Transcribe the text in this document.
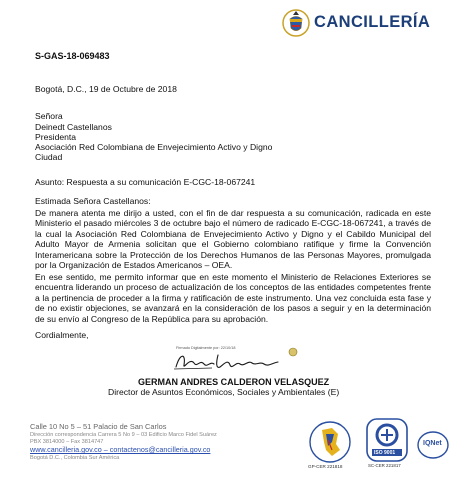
CANCILLERÍA
S-GAS-18-069483
Bogotá, D.C., 19 de Octubre de 2018
Señora
Deinedt Castellanos
Presidenta
Asociación Red Colombiana de Envejecimiento Activo y Digno
Ciudad
Asunto: Respuesta a su comunicación E-CGC-18-067241
Estimada Señora Castellanos:
De manera atenta me dirijo a usted, con el fin de dar respuesta a su comunicación, radicada en este Ministerio el pasado miércoles 3 de octubre bajo el número de radicado E-CGC-18-067241, a través de la cual la Asociación Red Colombiana de Envejecimiento Activo y Digno y el Cabildo Municipal del Adulto Mayor de Armenia solicitan que el Gobierno colombiano ratifique y firme la Convención Interamericana sobre la Protección de los Derechos Humanos de las Personas Mayores, promulgada por la Organización de Estados Americanos – OEA.
En ese sentido, me permito informar que en este momento el Ministerio de Relaciones Exteriores se encuentra liderando un proceso de actualización de los conceptos de las entidades competentes frente a la pertinencia de proceder a la firma y ratificación de este instrumento. Una vez concluida esta fase y de no existir objeciones, se avanzará en la consideración de los pasos a seguir y en la determinación de su envío al Congreso de la República para su aprobación.
Cordialmente,
Firmado Digitalmente por: 22/10/18
GERMAN ANDRES CALDERON VELASQUEZ
Director de Asuntos Económicos, Sociales y Ambientales (E)
Calle 10 No 5 – 51 Palacio de San Carlos
Dirección correspondencia Carrera 5 No 9 – 03 Edificio Marco Fidel Suárez
PBX 3814000 – Fax 3814747
www.cancilleria.gov.co – contactenos@cancilleria.gov.co
Bogotá D.C., Colombia Sur América
GP-CER 221818
ISO 9001
SC-CER 221817
IQNet
